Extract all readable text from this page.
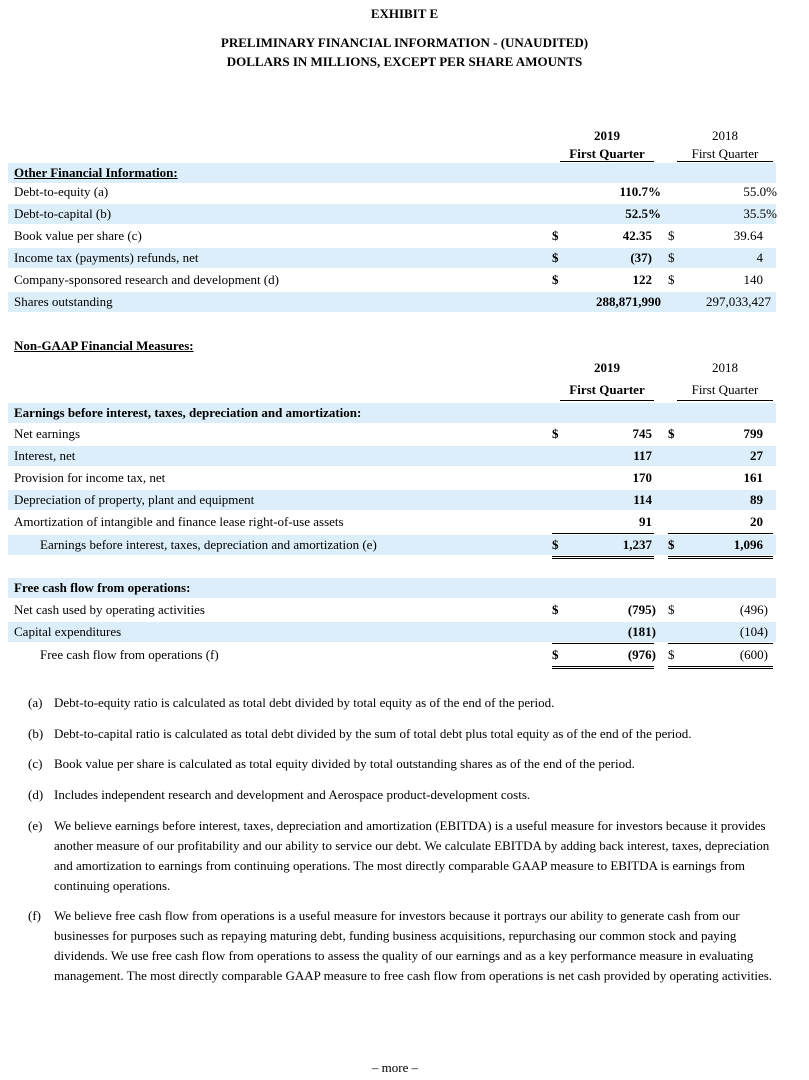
EXHIBIT E
PRELIMINARY FINANCIAL INFORMATION - (UNAUDITED)
DOLLARS IN MILLIONS, EXCEPT PER SHARE AMOUNTS
2019
First Quarter
2018
First Quarter
Other Financial Information:
Debt-to-equity (a)	110.7%	55.0%
Debt-to-capital (b)	52.5%	35.5%
Book value per share (c)	$	42.35 $	39.64
Income tax (payments) refunds, net	$	(37) $	4
Company-sponsored research and development (d)	$	122 $	140
Shares outstanding	288,871,990	297,033,427
Non-GAAP Financial Measures:
2019
First Quarter
2018
First Quarter
Earnings before interest, taxes, depreciation and amortization:
Net earnings	$	745 $	799
Interest, net	117	27
Provision for income tax, net	170	161
Depreciation of property, plant and equipment	114	89
Amortization of intangible and finance lease right-of-use assets	91	20
Earnings before interest, taxes, depreciation and amortization (e)	$	1,237 $	1,096
Free cash flow from operations:
Net cash used by operating activities	$	(795) $	(496)
Capital expenditures	(181)	(104)
Free cash flow from operations (f)	$	(976) $	(600)
(a) Debt-to-equity ratio is calculated as total debt divided by total equity as of the end of the period.
(b) Debt-to-capital ratio is calculated as total debt divided by the sum of total debt plus total equity as of the end of the period.
(c) Book value per share is calculated as total equity divided by total outstanding shares as of the end of the period.
(d) Includes independent research and development and Aerospace product-development costs.
(e) We believe earnings before interest, taxes, depreciation and amortization (EBITDA) is a useful measure for investors because it provides another measure of our profitability and our ability to service our debt. We calculate EBITDA by adding back interest, taxes, depreciation and amortization to earnings from continuing operations. The most directly comparable GAAP measure to EBITDA is earnings from continuing operations.
(f) We believe free cash flow from operations is a useful measure for investors because it portrays our ability to generate cash from our businesses for purposes such as repaying maturing debt, funding business acquisitions, repurchasing our common stock and paying dividends. We use free cash flow from operations to assess the quality of our earnings and as a key performance measure in evaluating management. The most directly comparable GAAP measure to free cash flow from operations is net cash provided by operating activities.
– more –
